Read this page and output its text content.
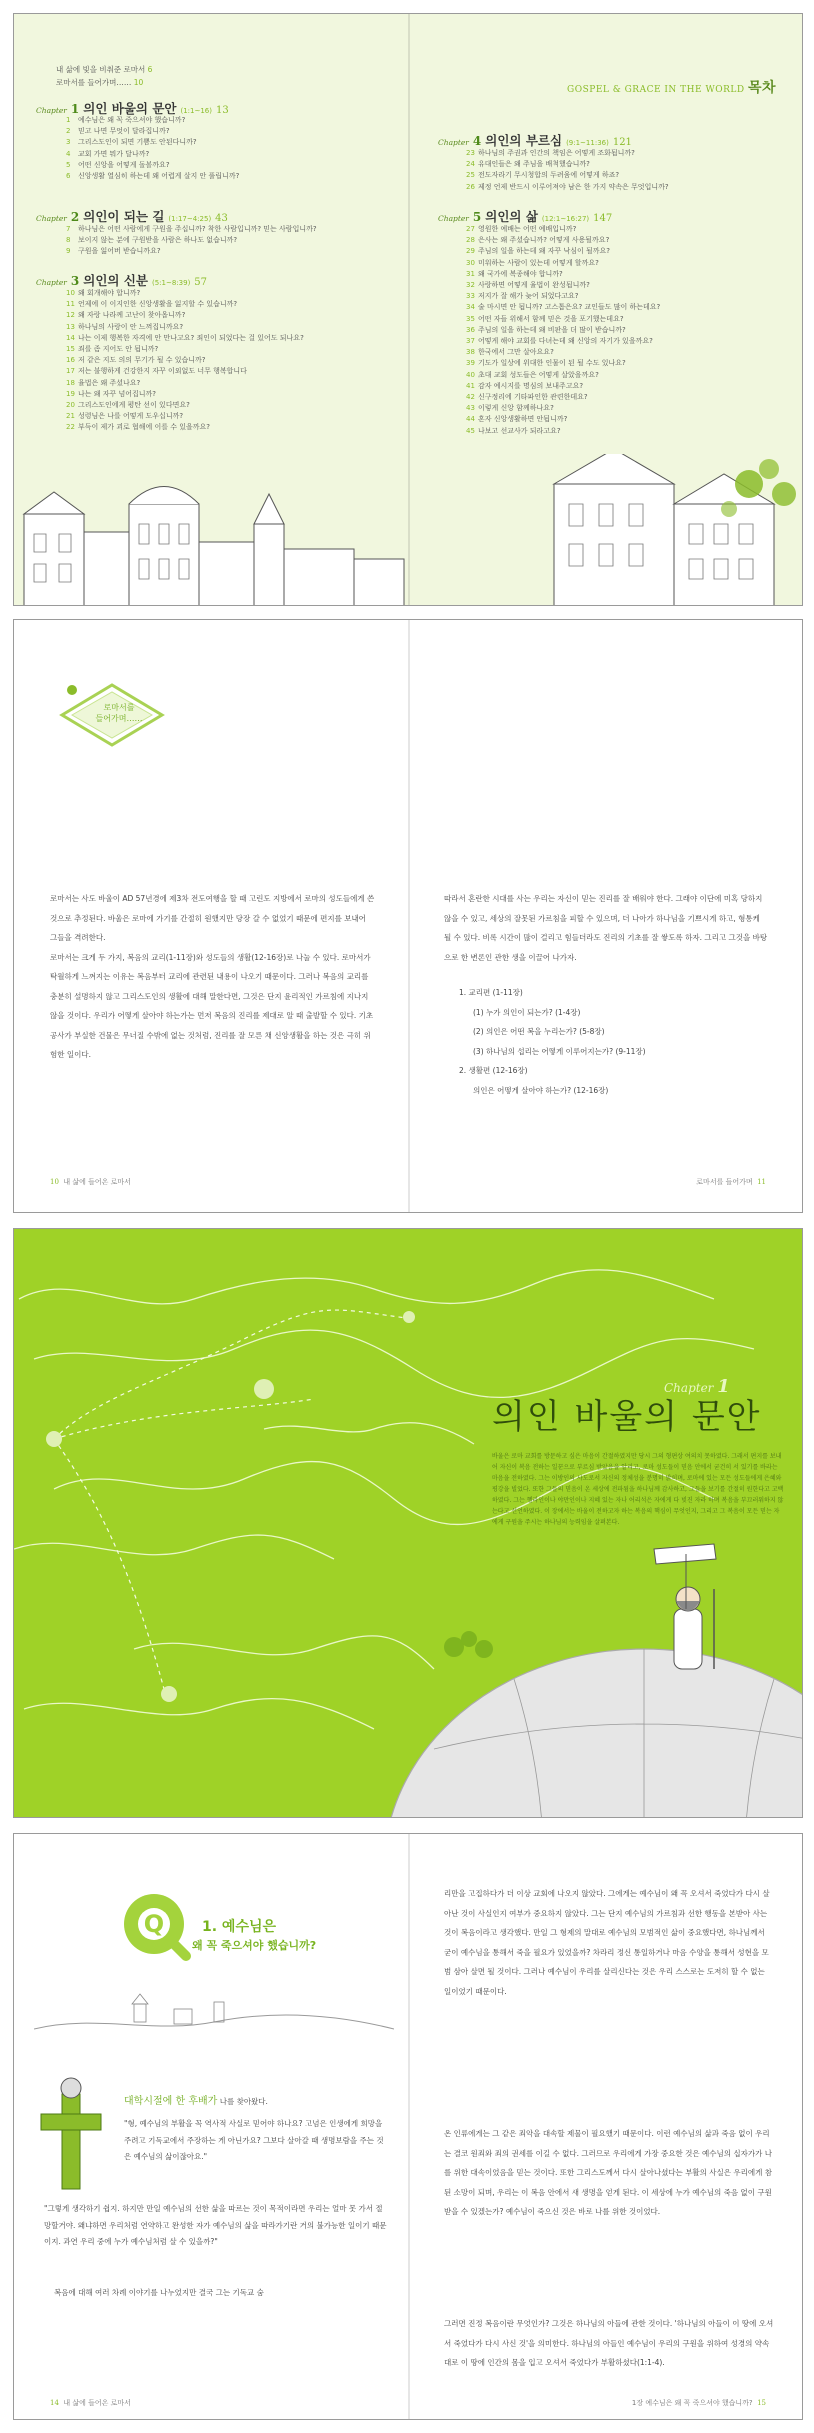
내 삶에 빛을 비춰준 로마서 6
로마서를 들어가며…… 10
Chapter 1 의인 바울의 문안 (1:1~16) 13
1 예수님은 왜 꼭 죽으셔야 했습니까?
2 믿고 나면 무엇이 달라집니까?
3 그리스도인이 되면 기쁨도 안된다니까?
4 교회 가면 뭐가 달나까?
5 어떤 신앙을 어떻게 돌볼까요?
6 신앙생활 열심히 하는데 왜 어렵게 살지 안 풀립니까?
Chapter 2 의인이 되는 길 (1:17~4:25) 43
7 하나님은 어떤 사람에게 구원을 주십니까? 착한 사람입니까? 믿는 사람입니까?
8 보이지 않는 분에 구원받을 사람은 하나도 없습니까?
9 구원을 잃어버 받습니까요?
Chapter 3 의인의 신분 (5:1~8:39) 57
10 왜 회개해야 합니까?
11 언제에 이 이지인한 신앙생활을 잃지할 수 있습니까?
12 왜 자랑 나라께 고난이 찾아옵니까?
13 하나님의 사랑이 안 느껴집니까요?
14 나는 이제 행복한 자격에 안 만나고요? 죄인이 되었다는 걸 있어도 되나요?
15 죄를 좀 지어도 안 됩니까?
16 저 같은 지도 의의 무기가 될 수 있습니까?
17 저는 불행하게 건강한지 자꾸 이외없도 너무 행복합니다
18 율법은 왜 주셨나요?
19 나는 왜 자꾸 넘어집니까?
20 그리스도인에게 평탄 선이 있다면요?
21 성령님은 나를 어떻게 도우십니까?
22 부득이 제가 괴로 협해에 이를 수 있을까요?
GOSPEL & GRACE IN THE WORLD 목차
Chapter 4 의인의 부르심 (9:1~11:36) 121
23 하나님의 주권과 인간의 책임은 어떻게 조화됩니까?
24 유대인들은 왜 주님을 배척했습니까?
25 전도자라기 무시청합의 두려움에 어떻게 하죠?
26 제정 언제 반드시 이루어져야 남은 한 가지 약속은 무엇입니까?
Chapter 5 의인의 삶 (12:1~16:27) 147
27 영원한 예배는 어떤 예배입니까?
28 은사는 왜 주셨습니까? 어떻게 사용될까요?
29 주님의 일을 하는데 왜 자꾸 낙심이 될까요?
30 미워하는 사람이 있는데 어떻게 할까요?
31 왜 국가에 복종해야 합니까?
32 사랑하면 어떻게 율법이 완성됩니까?
33 저지가 잘 해가 늦어 되었다고요?
34 술 마시면 안 됩니까? 고스톱은요? 교인들도 많이 하는데요?
35 어떤 자들 위해서 함께 믿은 것을 포기했는데요?
36 주님의 일을 하는데 왜 비판을 더 많이 받습니까?
37 어떻게 해야 교회를 다녀는데 왜 신앙의 자기가 있을까요?
38 한국에서 그만 살아요요?
39 기도가 일상에 위대한 인물이 된 될 수도 있나요?
40 초대 교회 성도들은 어떻게 살았을까요?
41 감자 예시지를 명심의 보내주고요?
42 신구정리에 기타파인한 관련한데요?
43 이렇게 신앙 함께하나요?
44 혼자 신앙생활하면 안됩니까?
45 나보고 선교사가 되라고요?
로마서를
들어가며……
로마서는 사도 바울이 AD 57년경에 제3차 전도여행을 할 때 고린도 지방에서 로마의 성도들에게 쓴 것으로 추정된다. 바울은 로마에 가기를 간절히 원했지만 당장 갈 수 없었기 때문에 편지를 보내어 그들을 격려한다.
로마서는 크게 두 가지, 복음의 교리(1-11장)와 성도들의 생활(12-16장)로 나눌 수 있다. 로마서가 탁월하게 느껴지는 이유는 복음부터 교리에 관련된 내용이 나오기 때문이다. 그러나 복음의 교리를 충분히 설명하지 않고 그리스도인의 생활에 대해 말한다면, 그것은 단지 윤리적인 가르침에 지나지 않을 것이다. 우리가 어떻게 살아야 하는가는 먼저 복음의 진리를 제대로 알 때 출발할 수 있다. 기초공사가 부실한 건물은 무너질 수밖에 없는 것처럼, 진리를 잘 모른 채 신앙생활을 하는 것은 극히 위험한 일이다.
따라서 혼란한 시대를 사는 우리는 자신이 믿는 진리를 잘 배워야 한다. 그래야 이단에 미혹 당하지 않을 수 있고, 세상의 잘못된 가르침을 피할 수 있으며, 더 나아가 하나님을 기쁘시게 하고, 형통케 될 수 있다. 비록 시간이 많이 걸리고 힘들더라도 진리의 기초를 잘 쌓도록 하자. 그리고 그것을 바탕으로 한 변론인 관한 생을 이끌어 나가자.
1. 교리편 (1-11장)
(1) 누가 의인이 되는가? (1-4장)
(2) 의인은 어떤 복을 누리는가? (5-8장)
(3) 하나님의 섭리는 어떻게 이루어지는가? (9-11장)
2. 생활편 (12-16장)
의인은 어떻게 살아야 하는가? (12-16장)
10 내 삶에 들어온 로마서	로마서를 들어가며 11
Chapter 1
의인 바울의 문안
바울은 로마 교회를 방문하고 싶은 마음이 간절하였지만 당시 그의 형편상 여의치 못하였다. 그래서 편지를 보내어 자신이 복음 전하는 일꾼으로 부르심 받았음을 알리고, 로마 성도들이 믿음 안에서 굳건히 서 있기를 바라는 마음을 전하였다. 그는 이방인의 사도로서 자신의 정체성을 분명히 밝히며, 로마에 있는 모든 성도들에게 은혜와 평강을 빌었다. 또한 그들의 믿음이 온 세상에 전파됨을 하나님께 감사하고, 그들을 보기를 간절히 원한다고 고백하였다. 그는 헬라인이나 야만인이나 지혜 있는 자나 어리석은 자에게 다 빚진 자라 하며 복음을 부끄러워하지 않는다고 선언하였다. 이 장에서는 바울이 전하고자 하는 복음의 핵심이 무엇인지, 그리고 그 복음이 모든 믿는 자에게 구원을 주시는 하나님의 능력임을 살펴본다.
Q	1. 예수님은
왜 꼭 죽으셔야 했습니까?
대학시절에 한 후배가 나를 찾아왔다.
"형, 예수님의 부활을 꼭 역사적 사실로 믿어야 하나요? 고넘은 인생에게 희망을 주려고 기독교에서 주장하는 게 아닌가요? 그보다 살아갈 때 생명보람을 주는 것은 예수님의 삶이잖아요."
"그렇게 생각하기 쉽지. 하지만 만일 예수님의 선한 삶을 따르는 것이 목적이라면 우리는 얼마 못 가서 절망할거야. 왜냐하면 우리처럼 연약하고 완성한 자가 예수님의 삶을 따라가기란 거의 불가능한 일이기 때문이지. 과연 우리 중에 누가 예수님처럼 살 수 있을까?"
복음에 대해 여러 차례 이야기를 나누었지만 결국 그는 기독교 숨
리만을 고집하다가 더 이상 교회에 나오지 않았다. 그에게는 예수님이 왜 꼭 오셔서 죽었다가 다시 살아난 것이 사실인지 여부가 중요하지 않았다. 그는 단지 예수님의 가르침과 선한 행동을 본받아 사는 것이 복음이라고 생각했다. 만일 그 형제의 말대로 예수님의 모범적인 삶이 중요했다면, 하나님께서 굳이 예수님을 통해서 죽을 필요가 있었을까? 차라리 정신 통일하거나 마음 수양을 통해서 성현을 모범 삼아 살면 될 것이다. 그러나 예수님이 우리를 살리신다는 것은 우리 스스로는 도저히 할 수 없는 일이었기 때문이다.
온 인류에게는 그 같은 죄악을 대속할 제물이 필요했기 때문이다. 이런 예수님의 삶과 죽음 없이 우리는 결코 원죄와 죄의 권세를 이길 수 없다. 그러므로 우리에게 가장 중요한 것은 예수님의 십자가가 나를 위한 대속이었음을 믿는 것이다. 또한 그리스도께서 다시 살아나셨다는 부활의 사실은 우리에게 참된 소망이 되며, 우리는 이 복음 안에서 새 생명을 얻게 된다. 이 세상에 누가 예수님의 죽음 없이 구원받을 수 있겠는가? 예수님이 죽으신 것은 바로 나를 위한 것이었다.
그러면 진정 복음이란 무엇인가? 그것은 하나님의 아들에 관한 것이다. '하나님의 아들이 이 땅에 오셔서 죽었다가 다시 사신 것'을 의미한다. 하나님의 아들인 예수님이 우리의 구원을 위하여 성경의 약속대로 이 땅에 인간의 몸을 입고 오셔서 죽었다가 부활하셨다(1:1-4).
14 내 삶에 들어온 로마서	1장 예수님은 왜 꼭 죽으셔야 했습니까? 15
